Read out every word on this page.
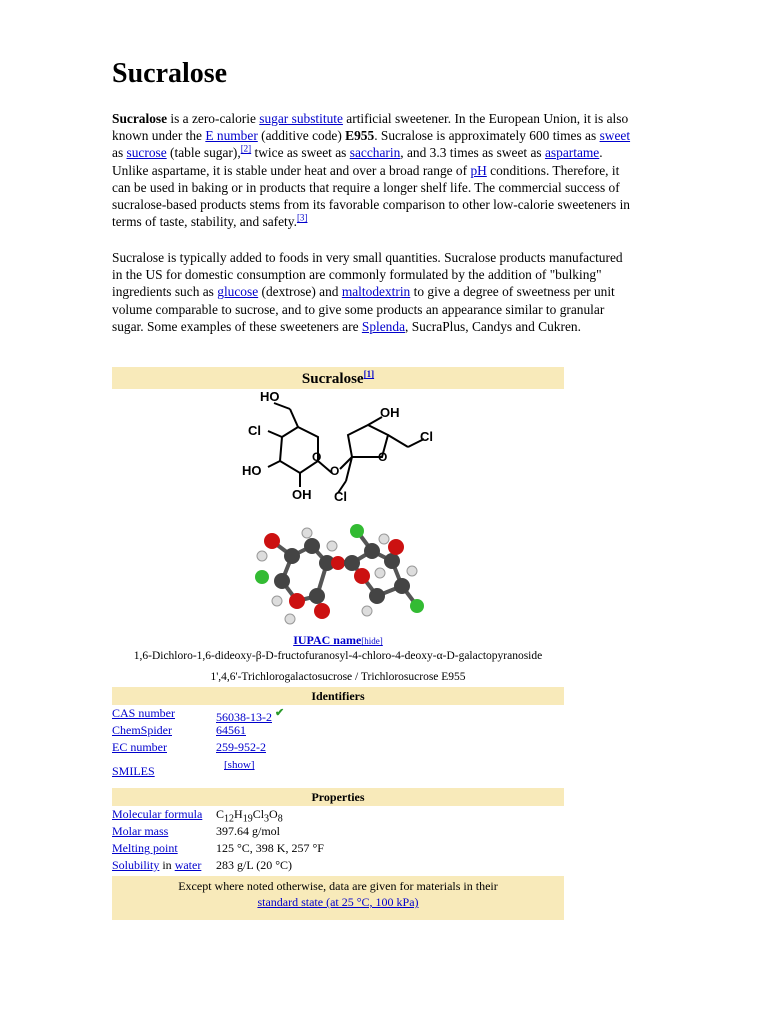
Sucralose
Sucralose is a zero-calorie sugar substitute artificial sweetener. In the European Union, it is also known under the E number (additive code) E955. Sucralose is approximately 600 times as sweet as sucrose (table sugar),[2] twice as sweet as saccharin, and 3.3 times as sweet as aspartame. Unlike aspartame, it is stable under heat and over a broad range of pH conditions. Therefore, it can be used in baking or in products that require a longer shelf life. The commercial success of sucralose-based products stems from its favorable comparison to other low-calorie sweeteners in terms of taste, stability, and safety.[3]
Sucralose is typically added to foods in very small quantities. Sucralose products manufactured in the US for domestic consumption are commonly formulated by the addition of "bulking" ingredients such as glucose (dextrose) and maltodextrin to give a degree of sweetness per unit volume comparable to sucrose, and to give some products an appearance similar to granular sugar. Some examples of these sweeteners are Splenda, SucraPlus, Candys and Cukren.
Sucralose[1]
HO
Cl
HO
OH
OH
Cl
Cl
O
O
O
IUPAC name[hide]
1,6-Dichloro-1,6-dideoxy-β-D-fructofuranosyl-4-chloro-4-deoxy-α-D-galactopyranoside
1',4,6'-Trichlorogalactosucrose / Trichlorosucrose E955
Identifiers
CAS number	56038-13-2 ✔
ChemSpider	64561
EC number	259-952-2
SMILES	[show]
Properties
Molecular formula	$C_{12}H_{19}Cl_3O_8$
Molar mass	397.64 g/mol
Melting point	125 °C, 398 K, 257 °F
Solubility in water	283 g/L (20 °C)
Except where noted otherwise, data are given for materials in their
standard state (at 25 °C, 100 kPa)
